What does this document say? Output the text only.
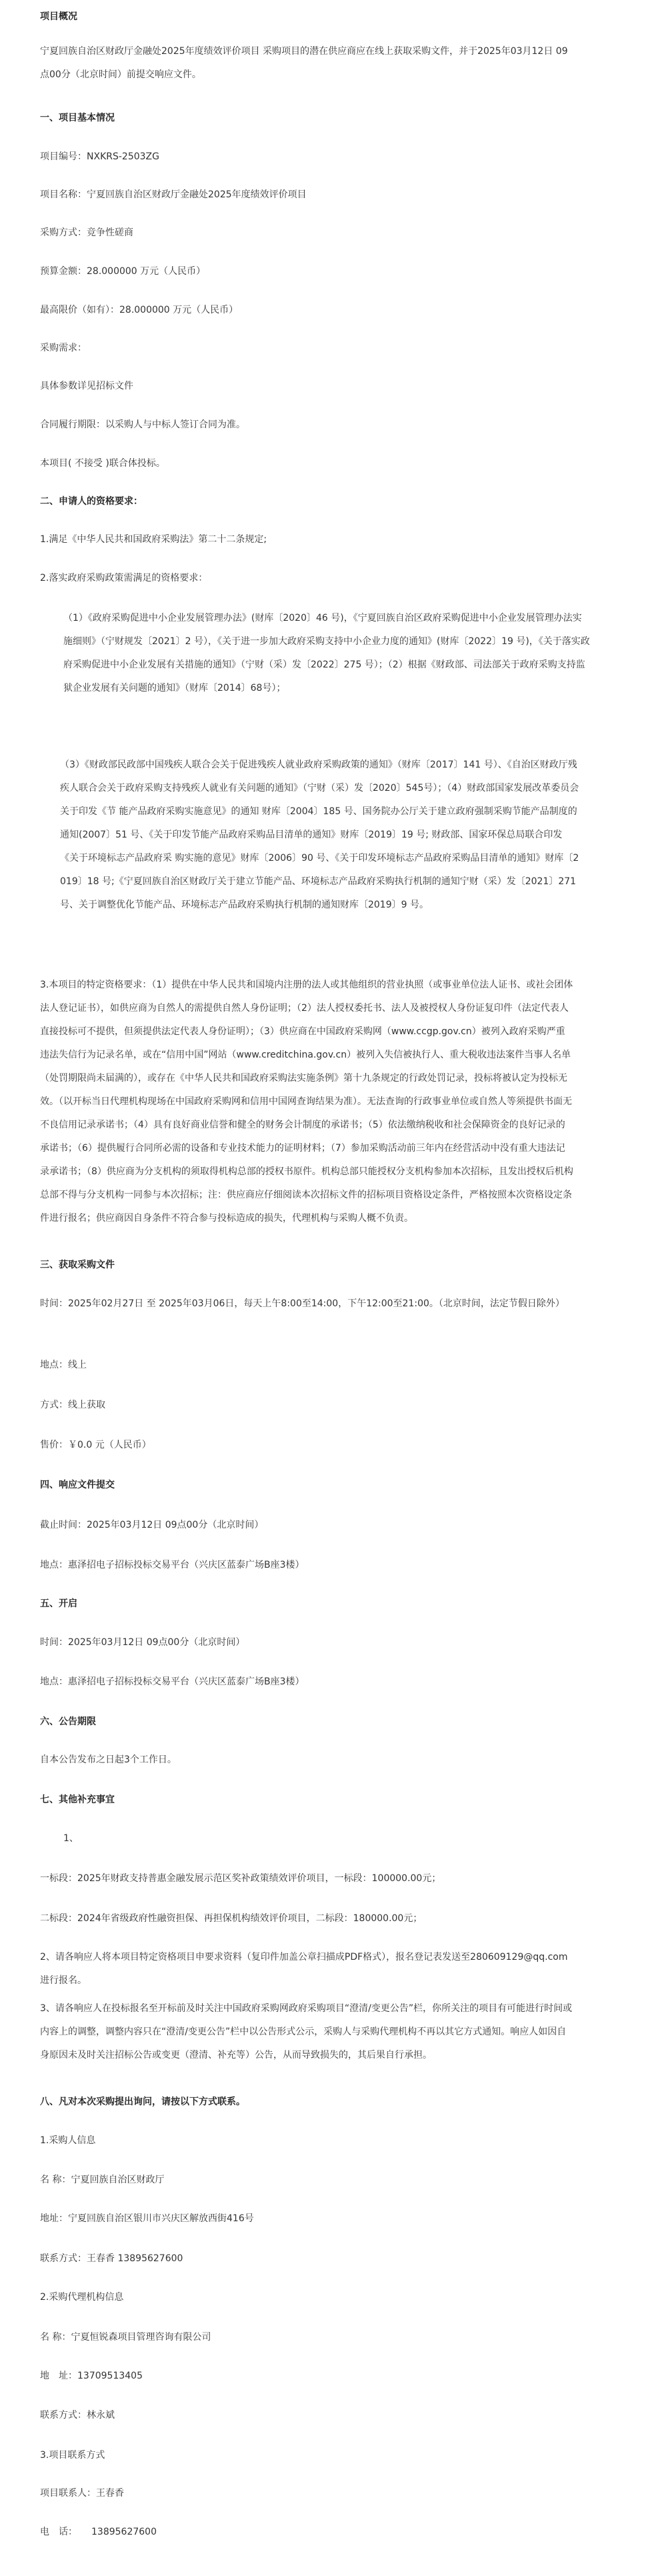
项目概况

宁夏回族自治区财政厅金融处2025年度绩效评价项目 采购项目的潜在供应商应在线上获取采购文件，并于2025年03月12日 09点00分（北京时间）前提交响应文件。

一、项目基本情况

项目编号：NXKRS-2503ZG

项目名称：宁夏回族自治区财政厅金融处2025年度绩效评价项目

采购方式：竞争性磋商

预算金额：28.000000 万元（人民币）

最高限价（如有）：28.000000 万元（人民币）

采购需求：

具体参数详见招标文件

合同履行期限：以采购人与中标人签订合同为准。

本项目( 不接受 )联合体投标。

二、申请人的资格要求：

1.满足《中华人民共和国政府采购法》第二十二条规定;

2.落实政府采购政策需满足的资格要求：

（1）《政府采购促进中小企业发展管理办法》(财库〔2020〕46 号)，《宁夏回族自治区政府采购促进中小企业发展管理办法实施细则》（宁财规发〔2021〕2 号），《关于进一步加大政府采购支持中小企业力度的通知》(财库〔2022〕19 号)，《关于落实政府采购促进中小企业发展有关措施的通知》（宁财（采）发〔2022〕275 号）；（2）根据《财政部、司法部关于政府采购支持监狱企业发展有关问题的通知》（财库〔2014〕68号）；

（3）《财政部民政部中国残疾人联合会关于促进残疾人就业政府采购政策的通知》（财库〔2017〕141 号）、《自治区财政厅残疾人联合会关于政府采购支持残疾人就业有关问题的通知》（宁财（采）发〔2020〕545号）；（4）财政部国家发展改革委员会关于印发《节 能产品政府采购实施意见》的通知 财库〔2004〕185 号、国务院办公厅关于建立政府强制采购节能产品制度的通知(2007〕51 号、《关于印发节能产品政府采购品目清单的通知》财库〔2019〕19 号; 财政部、国家环保总局联合印发《关于环境标志产品政府采 购实施的意见》财库〔2006〕90 号、《关于印发环境标志产品政府采购品目清单的通知》财库〔2019〕18 号;《宁夏回族自治区财政厅关于建立节能产品、环境标志产品政府采购执行机制的通知宁财（采）发〔2021〕271 号、关于调整优化节能产品、环境标志产品政府采购执行机制的通知财库〔2019〕9 号。

3.本项目的特定资格要求：（1）提供在中华人民共和国境内注册的法人或其他组织的营业执照（或事业单位法人证书、或社会团体法人登记证书），如供应商为自然人的需提供自然人身份证明；（2）法人授权委托书、法人及被授权人身份证复印件（法定代表人直接投标可不提供，但须提供法定代表人身份证明）；（3）供应商在中国政府采购网（www.ccgp.gov.cn）被列入政府采购严重违法失信行为记录名单，或在“信用中国”网站（www.creditchina.gov.cn）被列入失信被执行人、重大税收违法案件当事人名单（处罚期限尚未届满的），或存在《中华人民共和国政府采购法实施条例》第十九条规定的行政处罚记录，投标将被认定为投标无效。（以开标当日代理机构现场在中国政府采购网和信用中国网查询结果为准）。无法查询的行政事业单位或自然人等须提供书面无不良信用记录承诺书；（4）具有良好商业信誉和健全的财务会计制度的承诺书；（5）依法缴纳税收和社会保障资金的良好记录的承诺书；（6）提供履行合同所必需的设备和专业技术能力的证明材料；（7）参加采购活动前三年内在经营活动中没有重大违法记录承诺书；（8）供应商为分支机构的须取得机构总部的授权书原件。机构总部只能授权分支机构参加本次招标，且发出授权后机构总部不得与分支机构一同参与本次招标；注：供应商应仔细阅读本次招标文件的招标项目资格设定条件，严格按照本次资格设定条件进行报名；供应商因自身条件不符合参与投标造成的损失，代理机构与采购人概不负责。

三、获取采购文件

时间：2025年02月27日 至 2025年03月06日，每天上午8:00至14:00，下午12:00至21:00。（北京时间，法定节假日除外）

地点：线上

方式：线上获取

售价：￥0.0 元（人民币）

四、响应文件提交

截止时间：2025年03月12日 09点00分（北京时间）

地点：惠泽招电子招标投标交易平台（兴庆区蓝泰广场B座3楼）

五、开启

时间：2025年03月12日 09点00分（北京时间）

地点：惠泽招电子招标投标交易平台（兴庆区蓝泰广场B座3楼）

六、公告期限

自本公告发布之日起3个工作日。

七、其他补充事宜

1、

一标段：2025年财政支持普惠金融发展示范区奖补政策绩效评价项目，一标段：100000.00元；

二标段：2024年省级政府性融资担保、再担保机构绩效评价项目，二标段：180000.00元；

2、请各响应人将本项目特定资格项目申要求资料（复印件加盖公章扫描成PDF格式），报名登记表发送至280609129@qq.com进行报名。

3、请各响应人在投标报名至开标前及时关注中国政府采购网政府采购项目“澄清/变更公告”栏，你所关注的项目有可能进行时间或内容上的调整，调整内容只在“澄清/变更公告”栏中以公告形式公示，采购人与采购代理机构不再以其它方式通知。响应人如因自身原因未及时关注招标公告或变更（澄清、补充等）公告，从而导致损失的，其后果自行承担。

八、凡对本次采购提出询问，请按以下方式联系。

1.采购人信息

名 称：宁夏回族自治区财政厅

地址：宁夏回族自治区银川市兴庆区解放西街416号

联系方式：王春香 13895627600

2.采购代理机构信息

名 称：宁夏恒锐森项目管理咨询有限公司

地　址：13709513405

联系方式：林永斌

3.项目联系方式

项目联系人：王春香

电　话：　　13895627600
